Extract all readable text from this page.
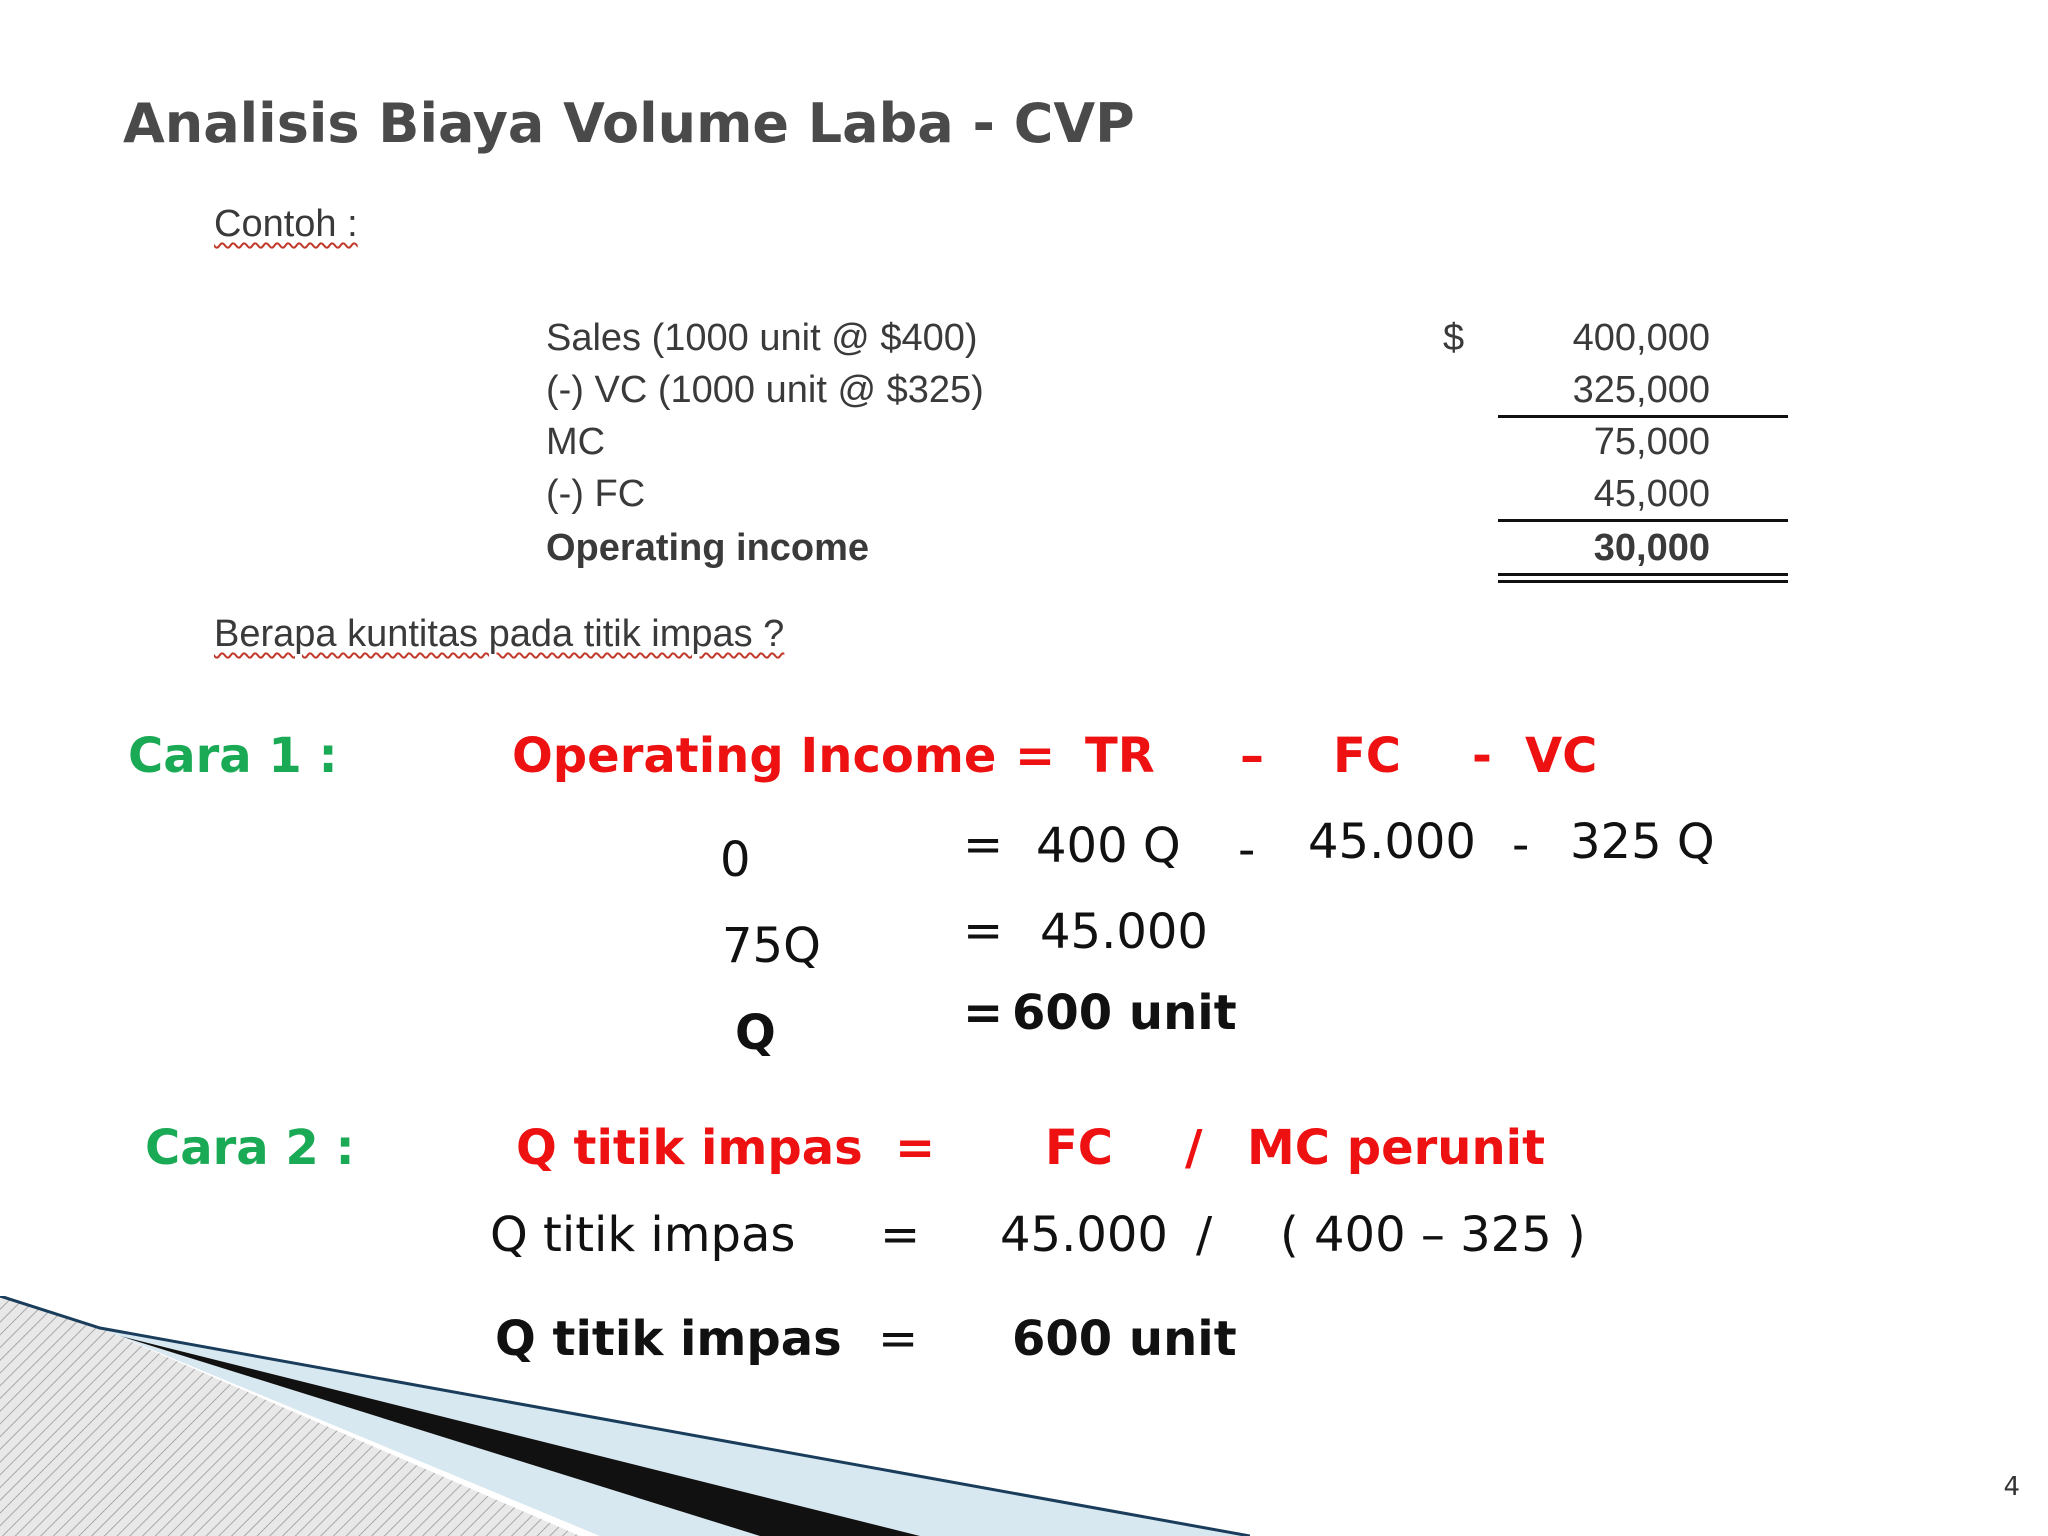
Analisis Biaya Volume Laba - CVP
Contoh :
Sales (1000 unit @ $400)	$	400,000
(-) VC (1000 unit @ $325)	325,000
MC	75,000
(-) FC	45,000
Operating income	30,000
Berapa kuntitas pada titik impas ?
Cara 1 :	Operating Income = TR – FC - VC
0	= 400 Q - 45.000 - 325 Q
75Q	= 45.000
Q	= 600 unit
Cara 2 :	Q titik impas = FC / MC perunit
Q titik impas = 45.000 / ( 400 – 325 )
Q titik impas = 600 unit
4
